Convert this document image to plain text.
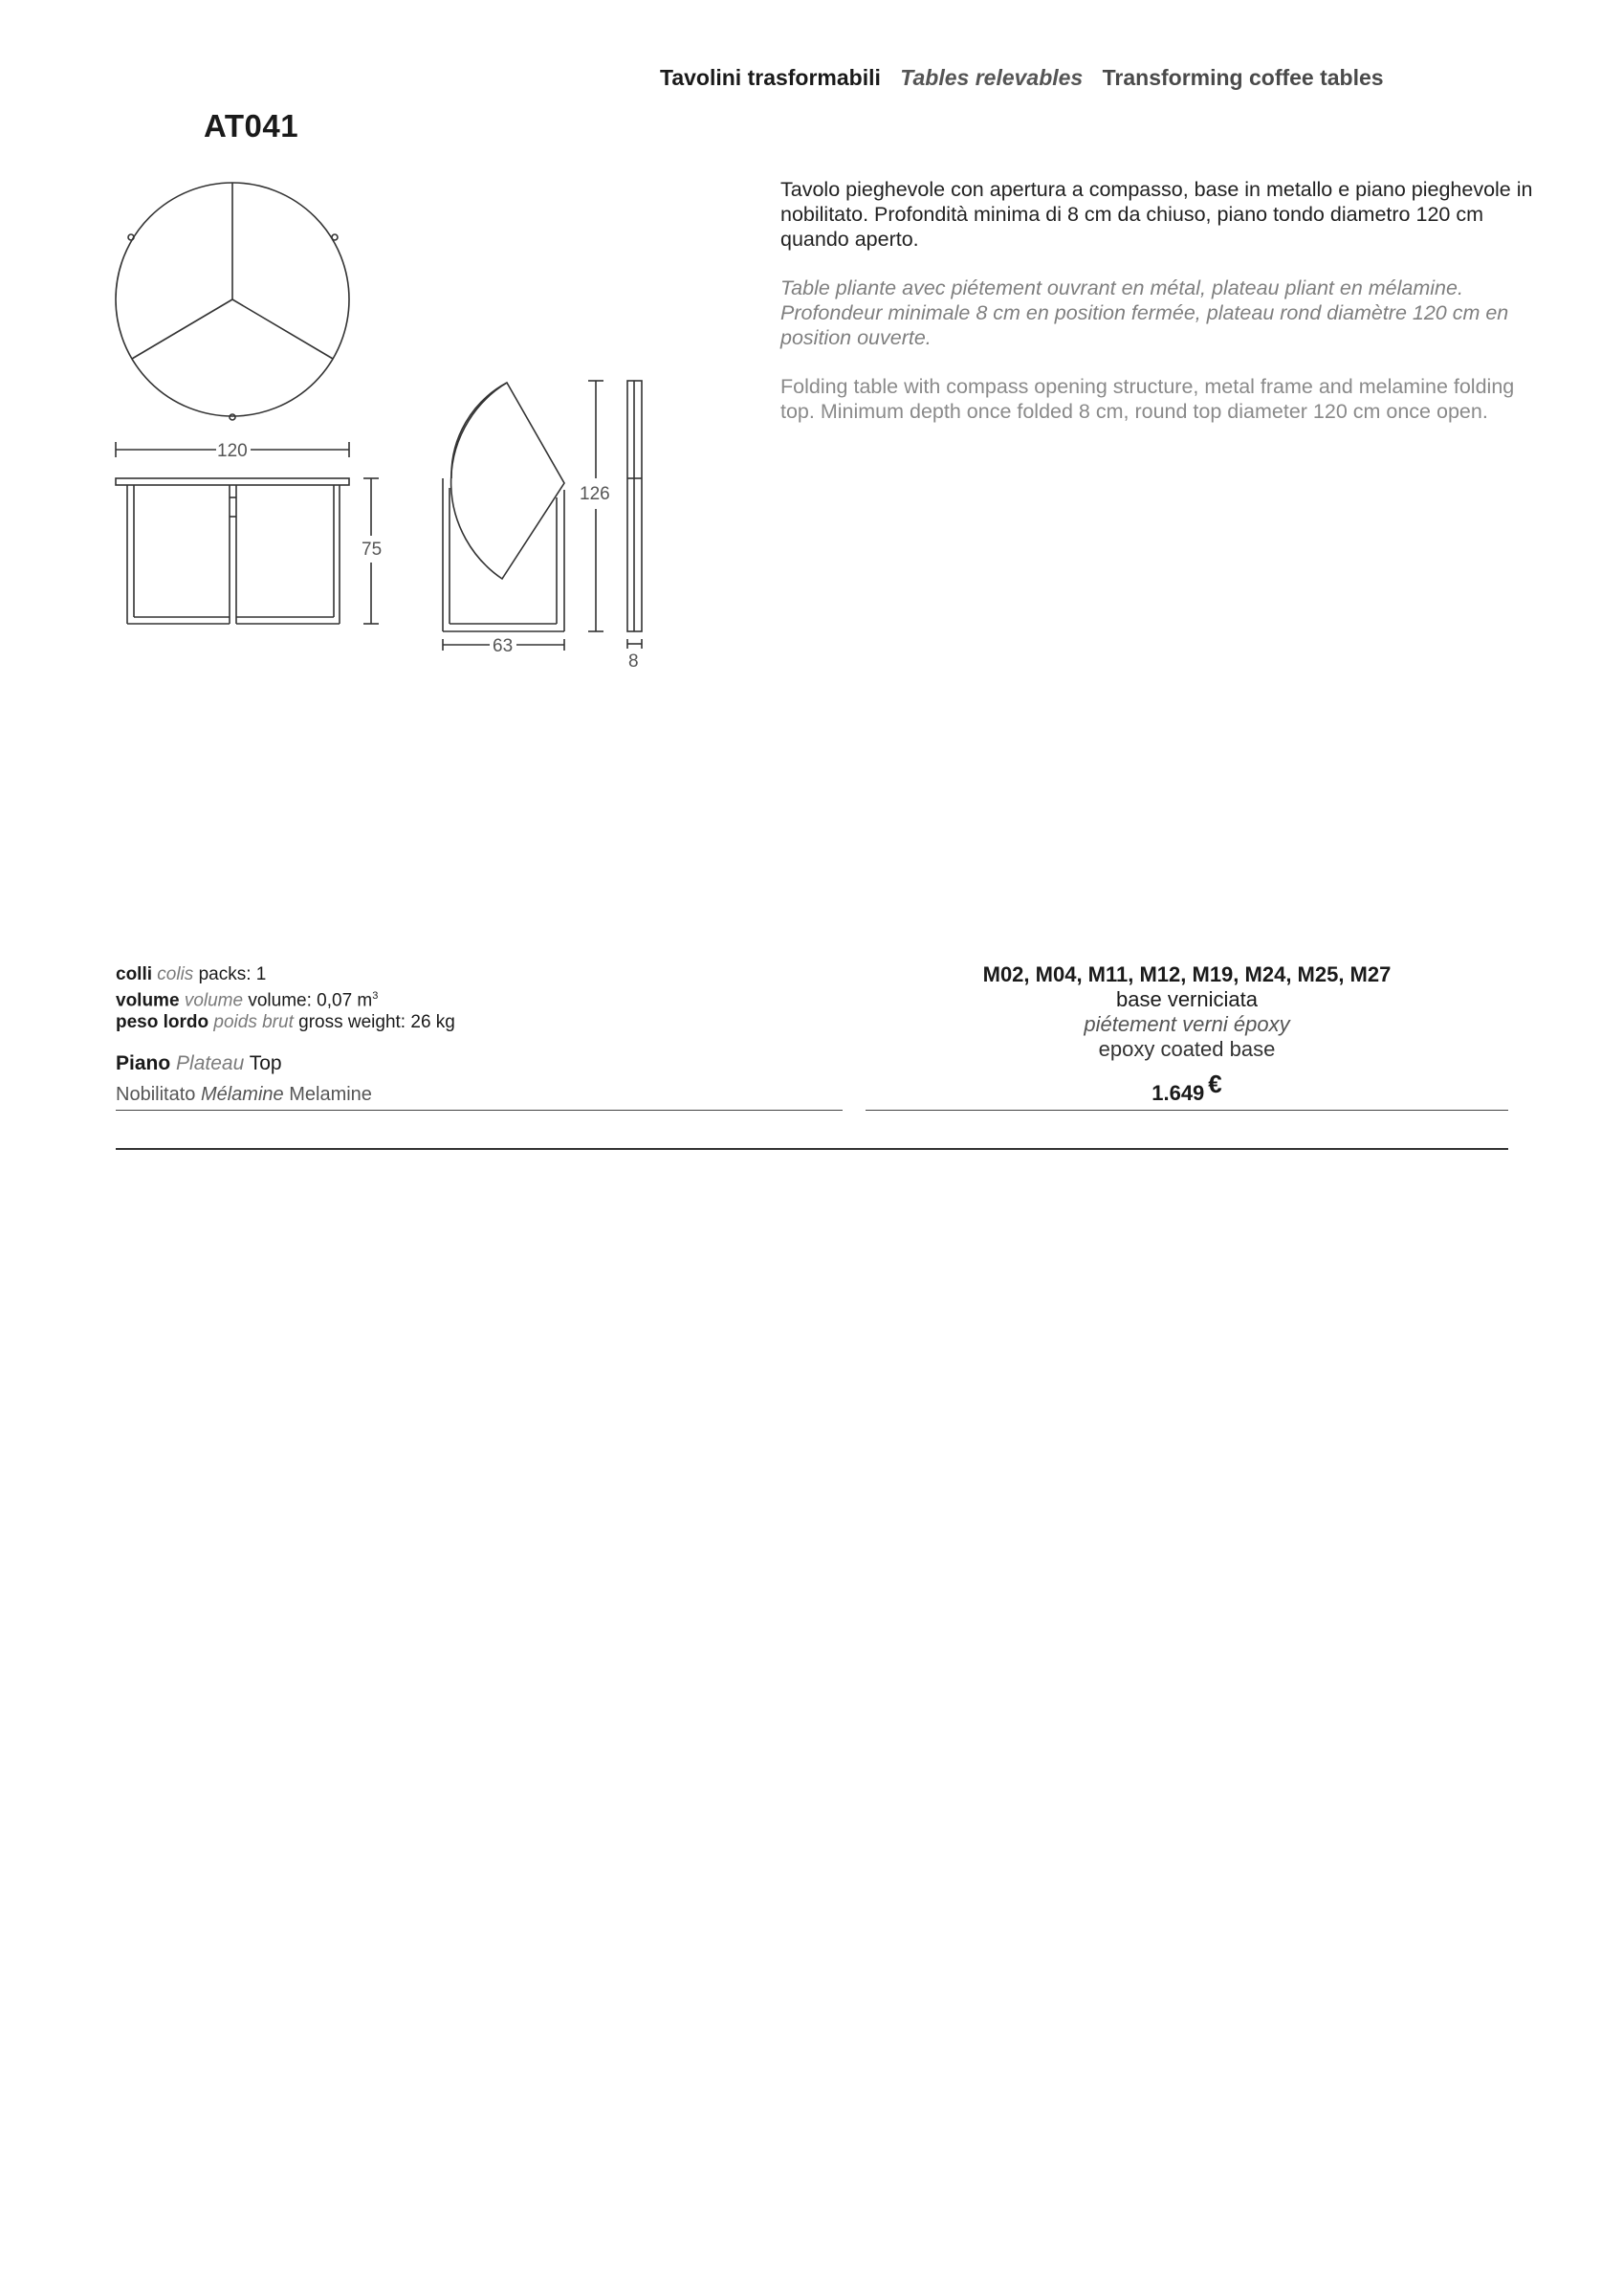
Tavolini trasformabili Tables relevables Transforming coffee tables
AT041
Tavolo pieghevole con apertura a compasso, base in metallo e piano pieghevole in nobilitato. Profondità minima di 8 cm da chiuso, piano tondo diametro 120 cm quando aperto.
Table pliante avec piétement ouvrant en métal, plateau pliant en mélamine. Profondeur minimale 8 cm en position fermée, plateau rond diamètre 120 cm en position ouverte.
Folding table with compass opening structure, metal frame and melamine folding top. Minimum depth once folded 8 cm, round top diameter 120 cm once open.
120
75
63
126
8
colli colis packs: 1
volume volume volume: 0,07 $m^3$
peso lordo poids brut gross weight: 26 kg
Piano Plateau Top
Nobilitato Mélamine Melamine
M02, M04, M11, M12, M19, M24, M25, M27
base verniciata
piétement verni époxy
epoxy coated base
1.649 €
